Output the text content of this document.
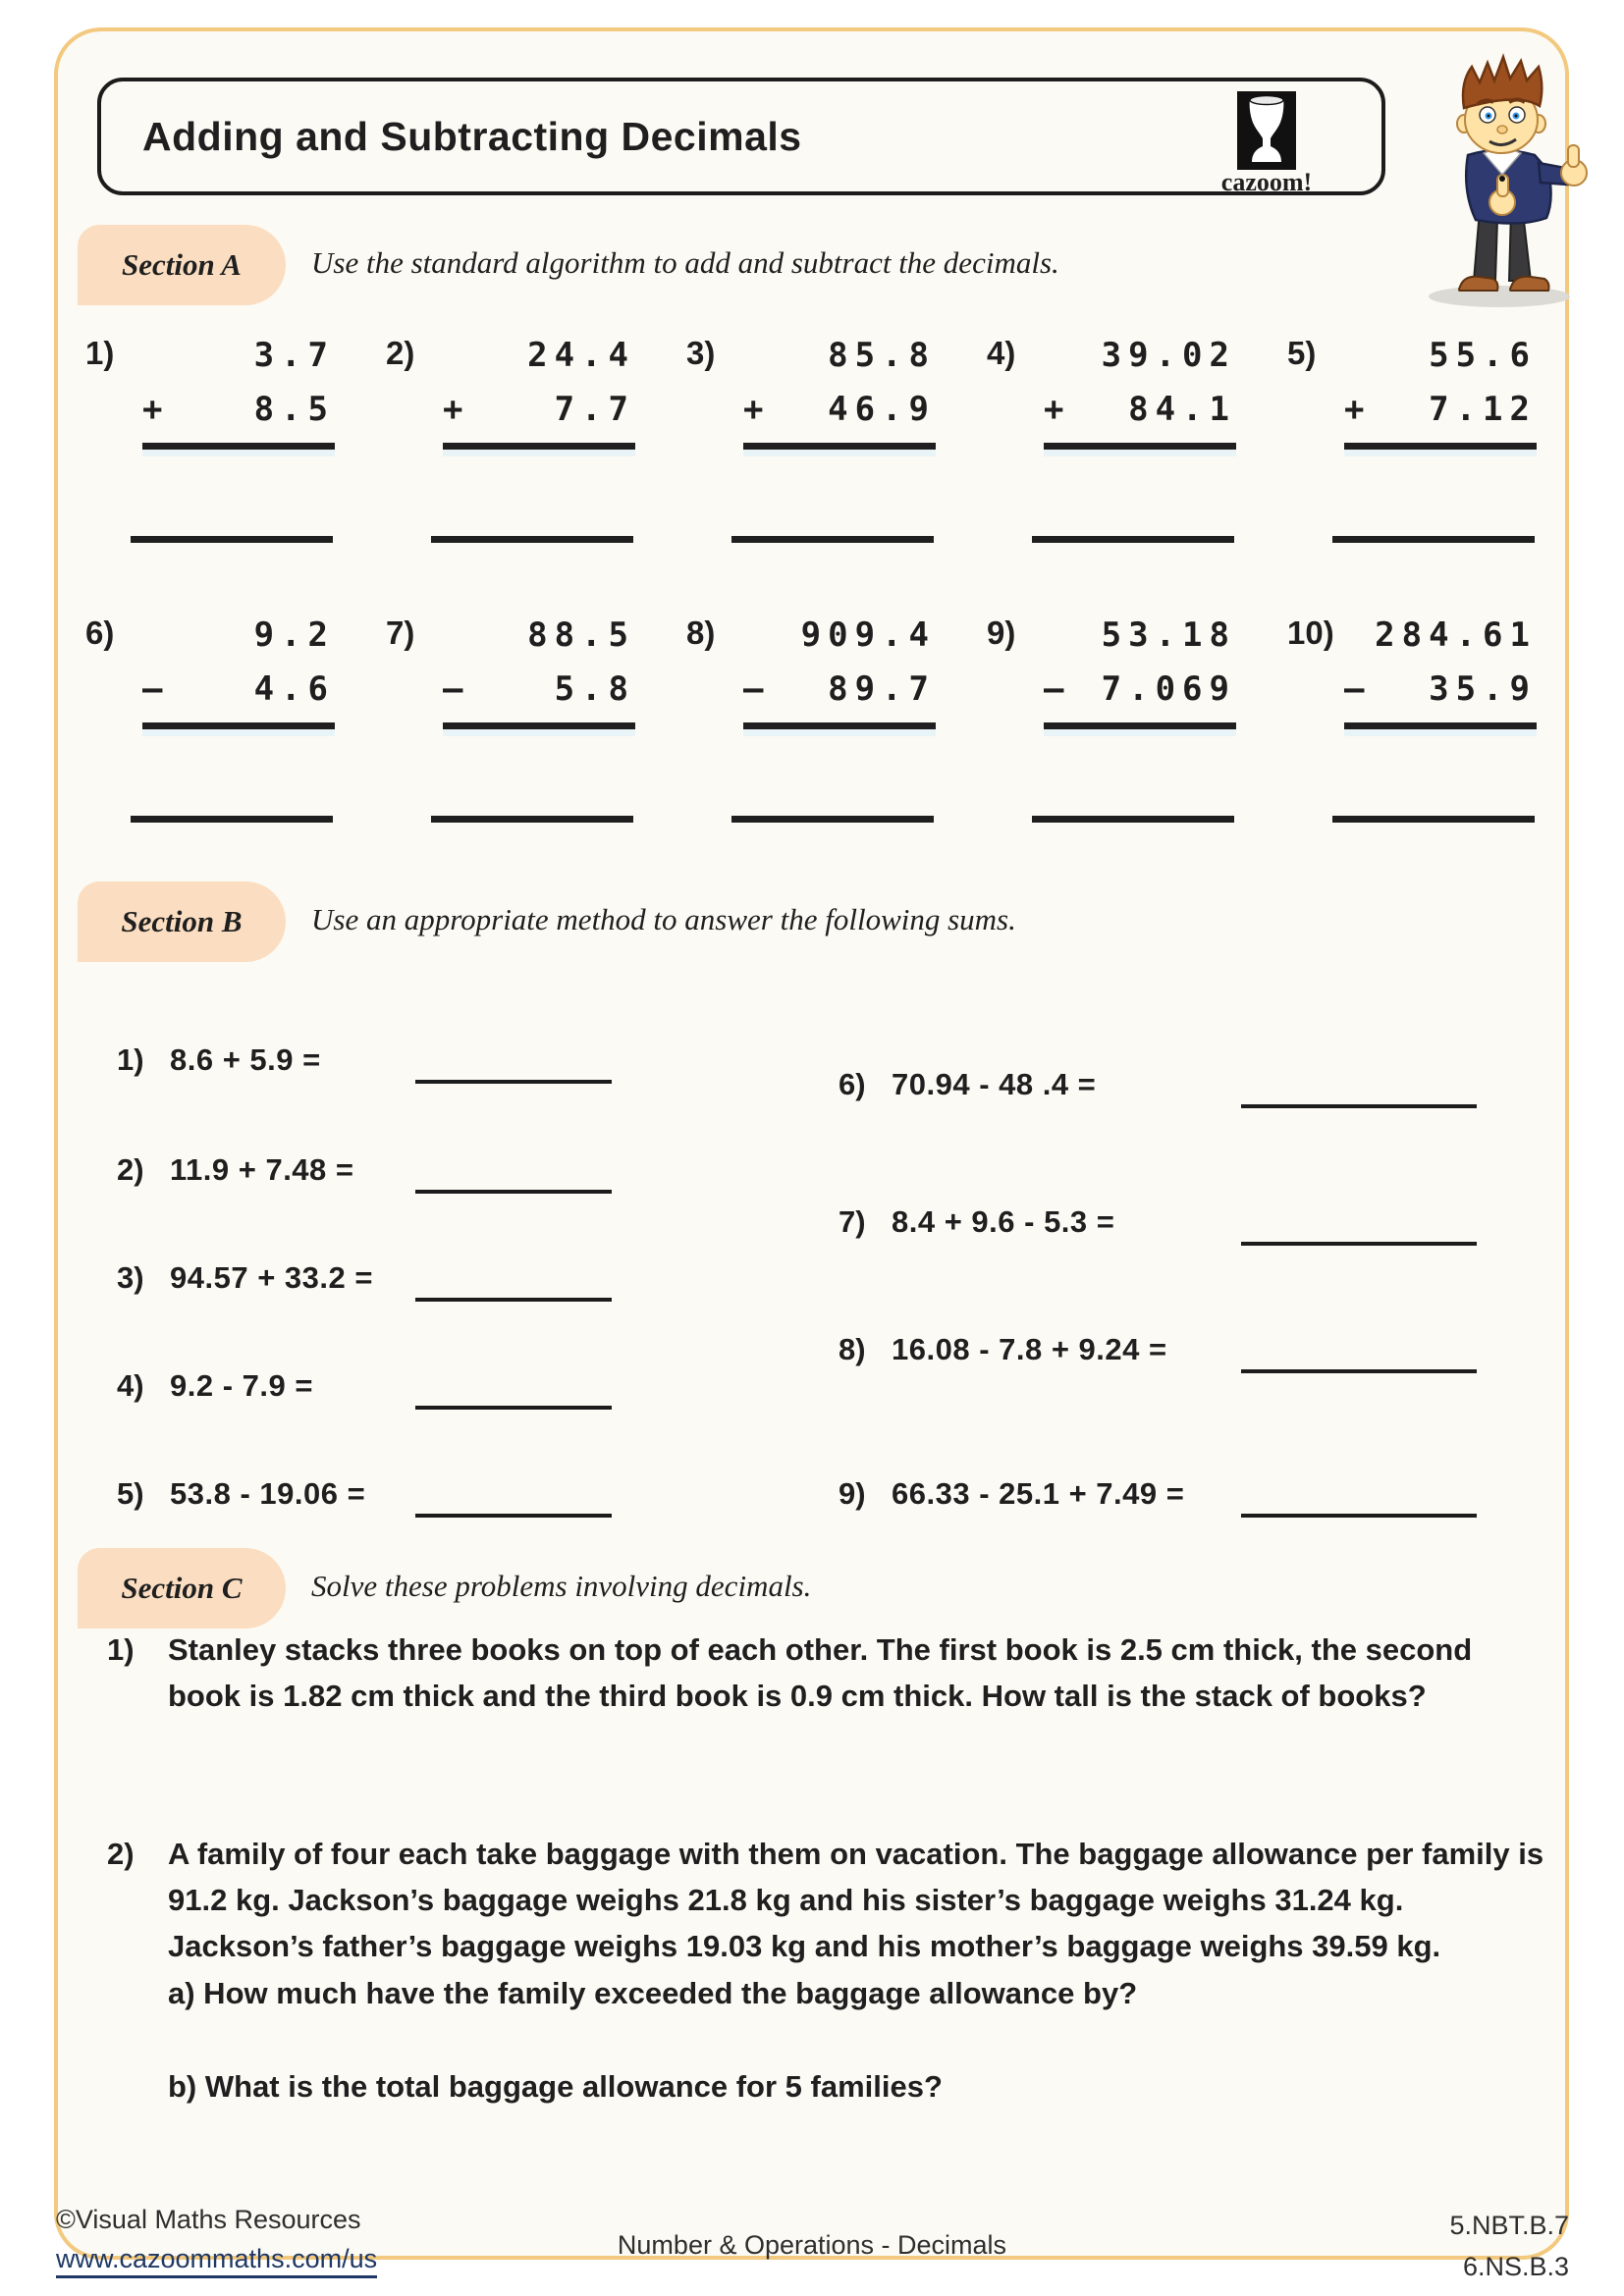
Adding and Subtracting Decimals
cazoom!
Section A Use the standard algorithm to add and subtract the decimals.
1)	3.7
+	8.5
2)	24.4
+	7.7
3)	85.8
+ 46.9
4)	39.02
+ 84.1
5)	55.6
+ 7.12
6)	9.2
–	4.6
7)	88.5
–	5.8
8)	909.4
– 89.7
9)	53.18
– 7.069
10)	284.61
– 35.9
Section B Use an appropriate method to answer the following sums.
1) 8.6 + 5.9 =
2) 11.9 + 7.48 =
3) 94.57 + 33.2 =
4) 9.2 - 7.9 =
5) 53.8 - 19.06 =
6) 70.94 - 48 .4 =
7) 8.4 + 9.6 - 5.3 =
8) 16.08 - 7.8 + 9.24 =
9) 66.33 - 25.1 + 7.49 =
Section C Solve these problems involving decimals.
1)	Stanley stacks three books on top of each other. The first book is 2.5 cm thick, the second book is 1.82 cm thick and the third book is 0.9 cm thick. How tall is the stack of books?
2)	A family of four each take baggage with them on vacation. The baggage allowance per family is 91.2 kg. Jackson’s baggage weighs 21.8 kg and his sister’s baggage weighs 31.24 kg. Jackson’s father’s baggage weighs 19.03 kg and his mother’s baggage weighs 39.59 kg.
a) How much have the family exceeded the baggage allowance by?
b) What is the total baggage allowance for 5 families?
©Visual Maths Resources
www.cazoommaths.com/us	Number & Operations - Decimals
5.NBT.B.7
6.NS.B.3
